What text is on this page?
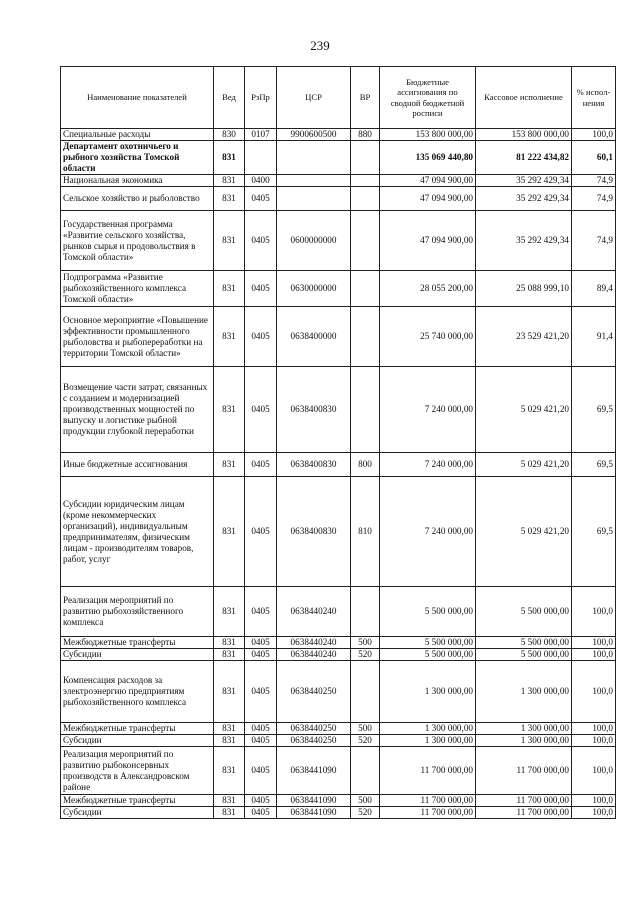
239
Наименование показателей	Вед	РзПр	ЦСР	ВР	Бюджетные ассигнования по сводной бюджетной росписи	Кассовое исполнение	% испол-нения
Специальные расходы	830	0107	9900600500	880	153 800 000,00	153 800 000,00	100,0
Департамент охотничьего и рыбного хозяйства Томской области	831				135 069 440,80	81 222 434,82	60,1
Национальная экономика	831	0400			47 094 900,00	35 292 429,34	74,9
Сельское хозяйство и рыболовство	831	0405			47 094 900,00	35 292 429,34	74,9
Государственная программа «Развитие сельского хозяйства, рынков сырья и продовольствия в Томской области»	831	0405	0600000000		47 094 900,00	35 292 429,34	74,9
Подпрограмма «Развитие рыбохозяйственного комплекса Томской области»	831	0405	0630000000		28 055 200,00	25 088 999,10	89,4
Основное мероприятие «Повышение эффективности промышленного рыболовства и рыбопереработки на территории Томской области»	831	0405	0638400000		25 740 000,00	23 529 421,20	91,4
Возмещение части затрат, связанных с созданием и модернизацией производственных мощностей по выпуску и логистике рыбной продукции глубокой переработки	831	0405	0638400830		7 240 000,00	5 029 421,20	69,5
Иные бюджетные ассигнования	831	0405	0638400830	800	7 240 000,00	5 029 421,20	69,5
Субсидии юридическим лицам (кроме некоммерческих организаций), индивидуальным предпринимателям, физическим лицам - производителям товаров, работ, услуг	831	0405	0638400830	810	7 240 000,00	5 029 421,20	69,5
Реализация мероприятий по развитию рыбохозяйственного комплекса	831	0405	0638440240		5 500 000,00	5 500 000,00	100,0
Межбюджетные трансферты	831	0405	0638440240	500	5 500 000,00	5 500 000,00	100,0
Субсидии	831	0405	0638440240	520	5 500 000,00	5 500 000,00	100,0
Компенсация расходов за электроэнергию предприятиям рыбохозяйственного комплекса	831	0405	0638440250		1 300 000,00	1 300 000,00	100,0
Межбюджетные трансферты	831	0405	0638440250	500	1 300 000,00	1 300 000,00	100,0
Субсидии	831	0405	0638440250	520	1 300 000,00	1 300 000,00	100,0
Реализация мероприятий по развитию рыбоконсервных производств в Александровском районе	831	0405	0638441090		11 700 000,00	11 700 000,00	100,0
Межбюджетные трансферты	831	0405	0638441090	500	11 700 000,00	11 700 000,00	100,0
Субсидии	831	0405	0638441090	520	11 700 000,00	11 700 000,00	100,0
